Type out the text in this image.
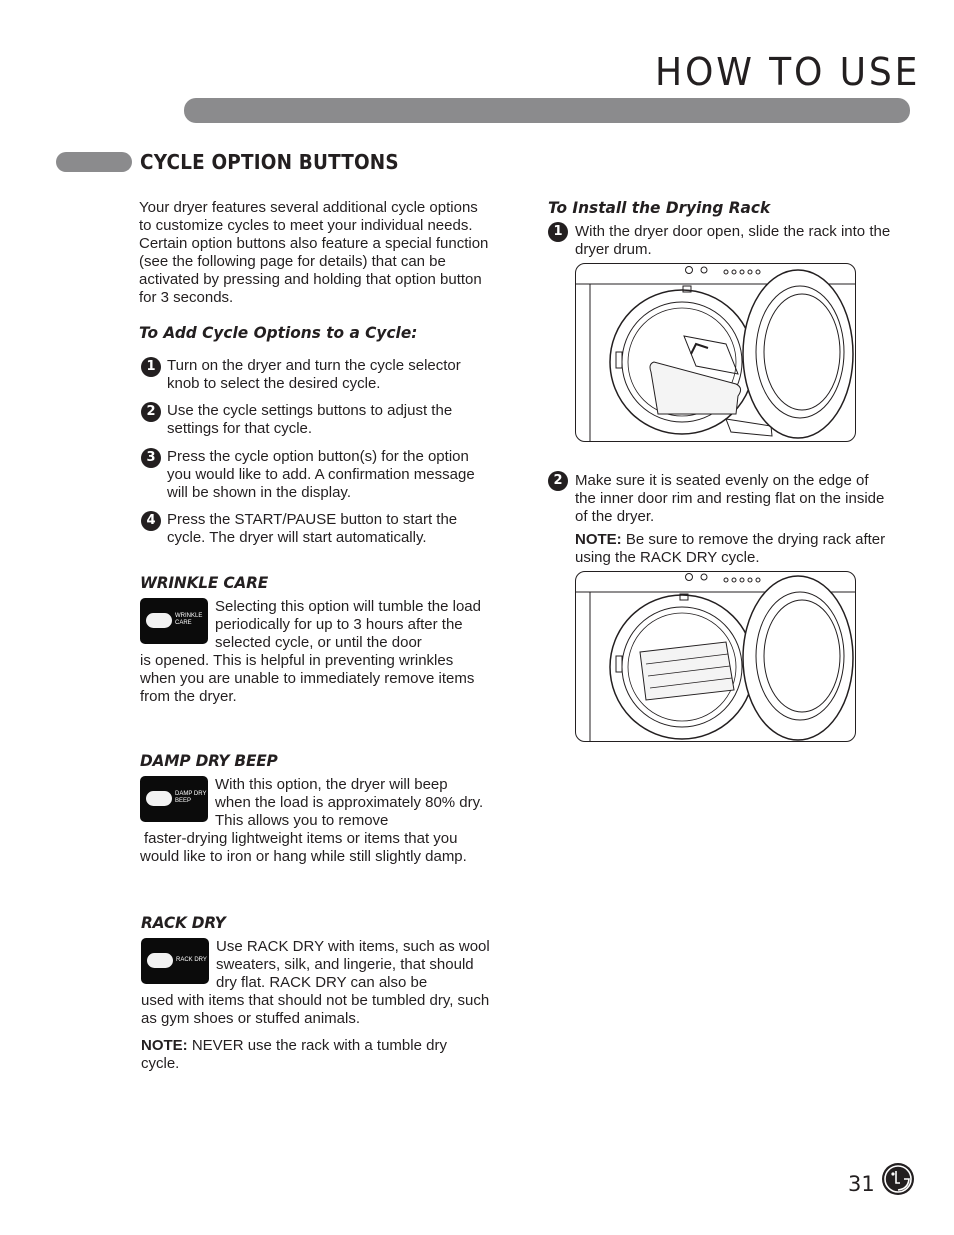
HOW TO USE
CYCLE OPTION BUTTONS
Your dryer features several additional cycle options to customize cycles to meet your individual needs. Certain option buttons also feature a special function (see the following page for details) that can be activated by pressing and holding that option button for 3 seconds.
To Add Cycle Options to a Cycle:
1 Turn on the dryer and turn the cycle selector knob to select the desired cycle.
2 Use the cycle settings buttons to adjust the settings for that cycle.
3 Press the cycle option button(s) for the option you would like to add. A confirmation message will be shown in the display.
4 Press the START/PAUSE button to start the cycle. The dryer will start automatically.
WRINKLE CARE
WRINKLE CARE
Selecting this option will tumble the load periodically for up to 3 hours after the selected cycle, or until the door
is opened. This is helpful in preventing wrinkles when you are unable to immediately remove items from the dryer.
DAMP DRY BEEP
DAMP DRY BEEP
With this option, the dryer will beep when the load is approximately 80% dry. This allows you to remove
faster-drying lightweight items or items that you would like to iron or hang while still slightly damp.
RACK DRY
RACK DRY
Use RACK DRY with items, such as wool sweaters, silk, and lingerie, that should dry flat. RACK DRY can also be
used with items that should not be tumbled dry, such as gym shoes or stuffed animals.
NOTE: NEVER use the rack with a tumble dry cycle.
To Install the Drying Rack
1 With the dryer door open, slide the rack into the dryer drum.
2 Make sure it is seated evenly on the edge of the inner door rim and resting flat on the inside of the dryer.
NOTE: Be sure to remove the drying rack after using the RACK DRY cycle.
31
